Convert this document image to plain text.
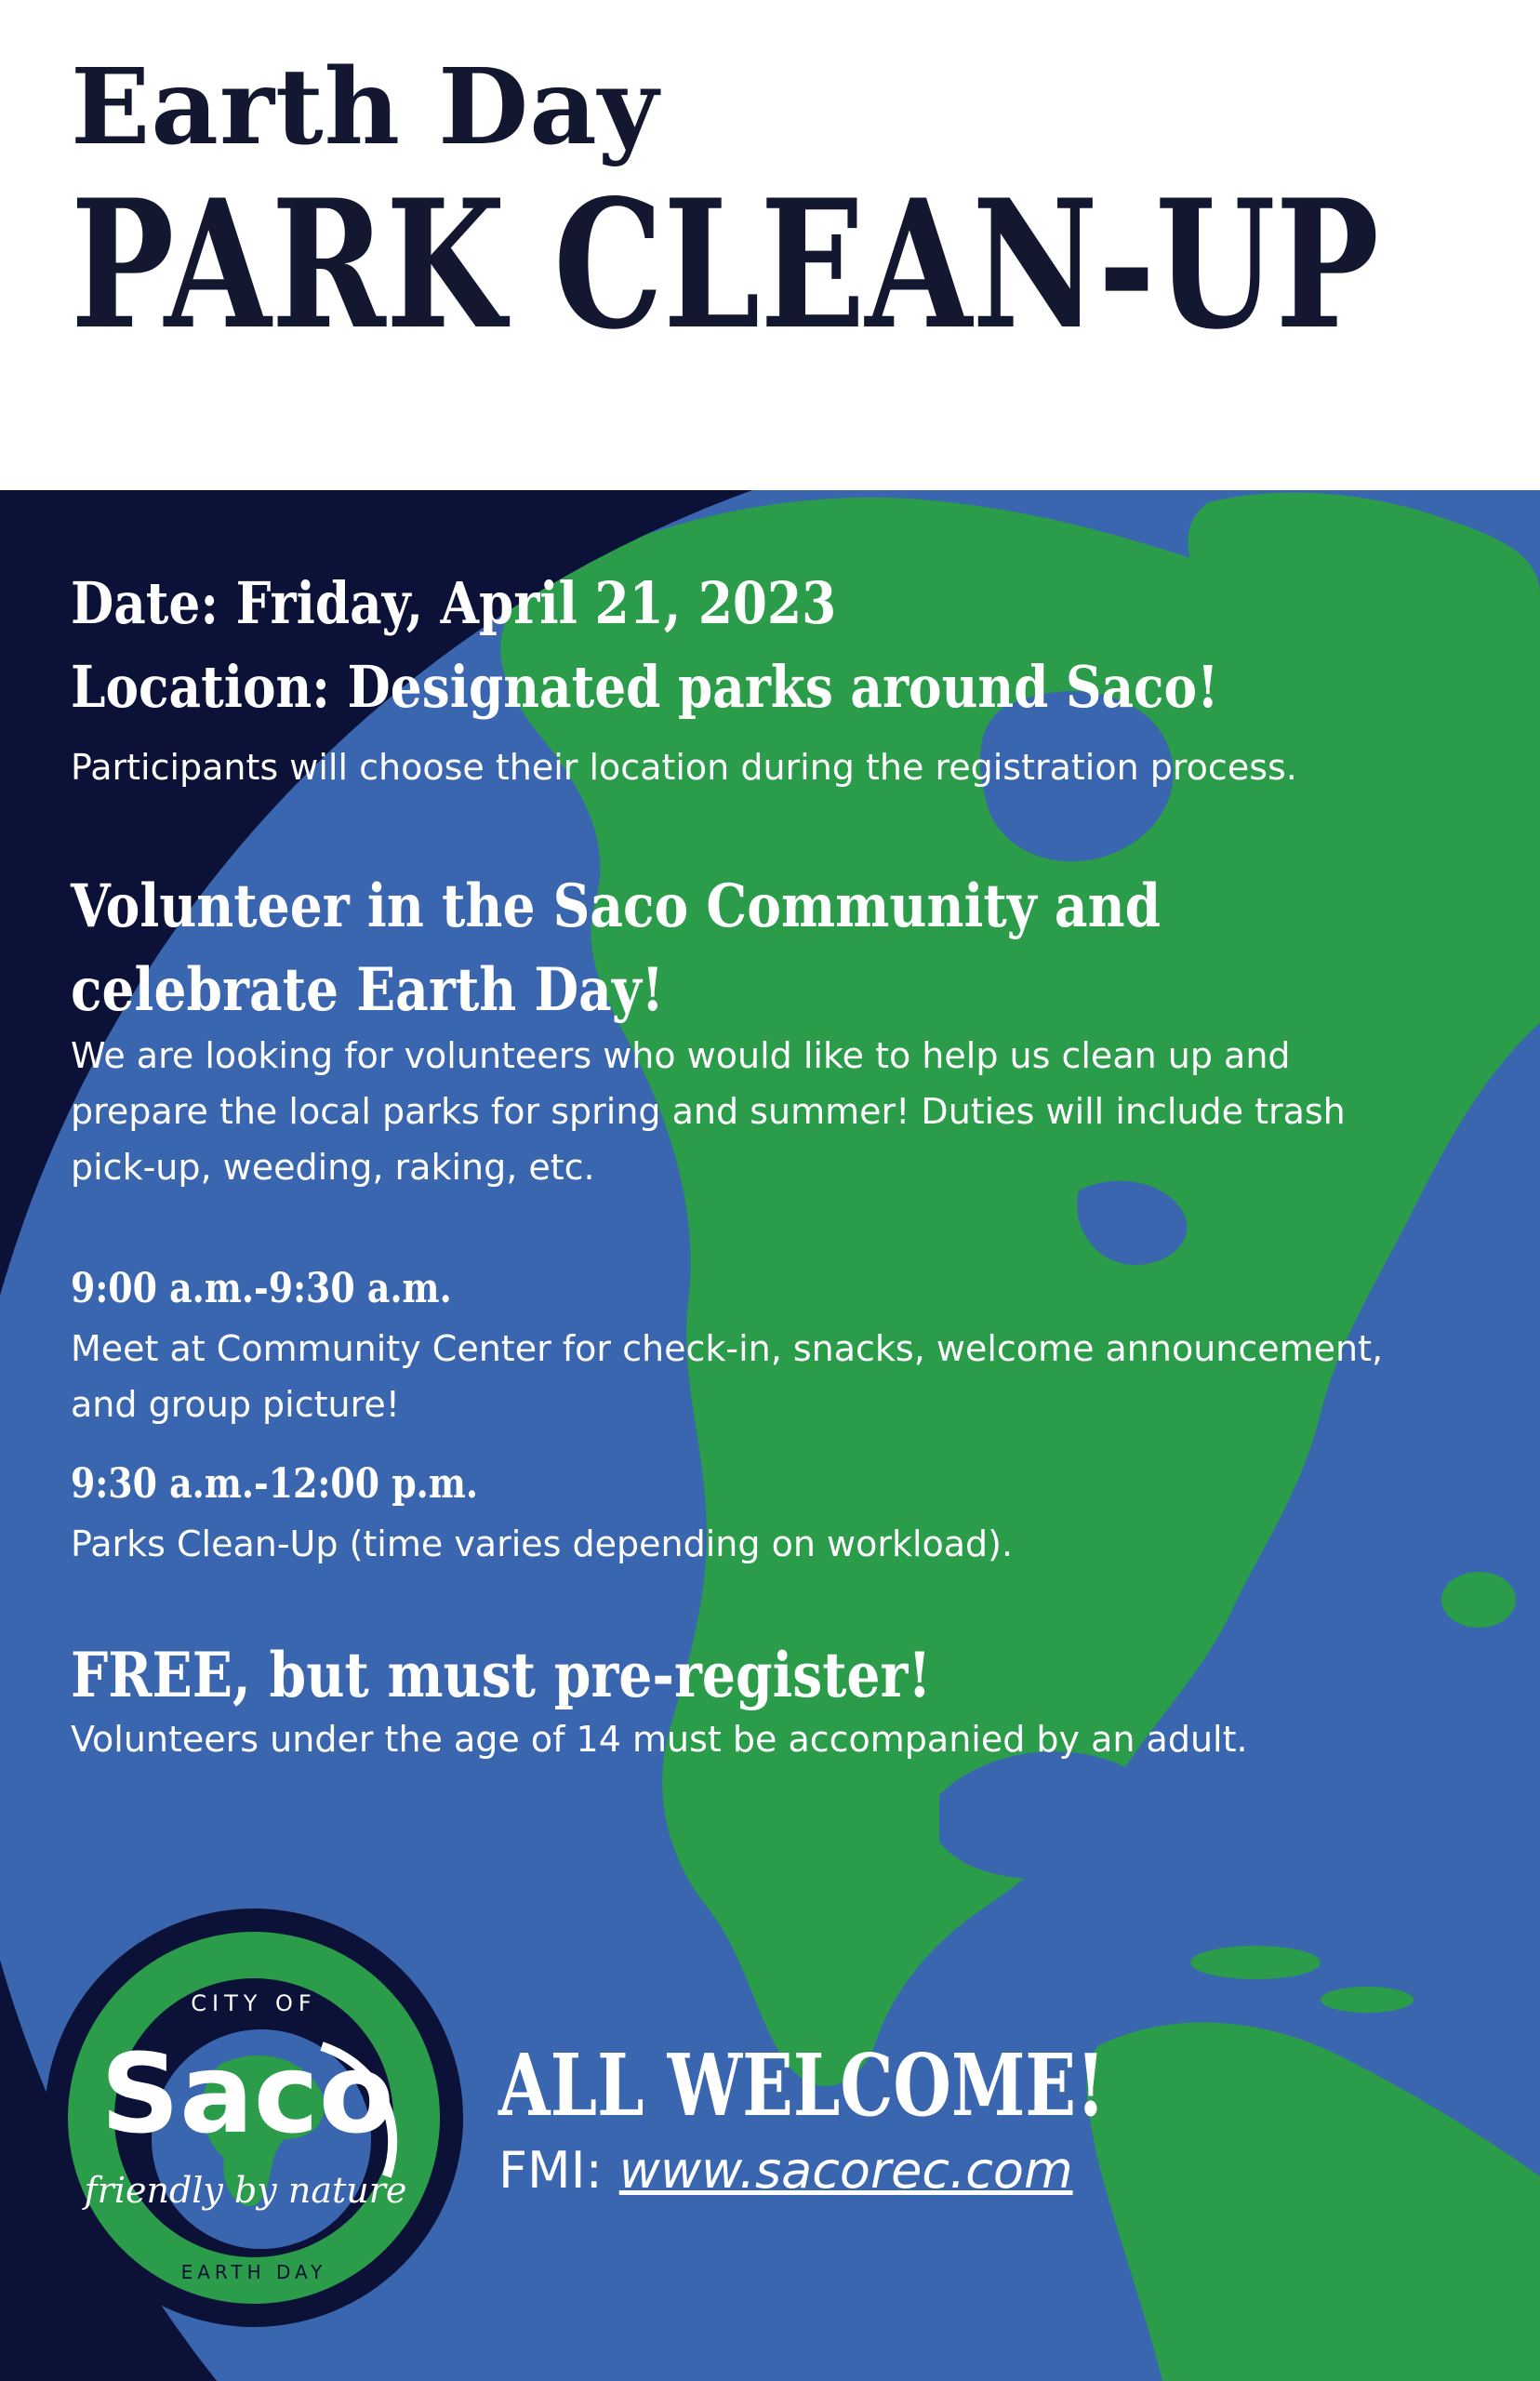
Earth Day
PARK CLEAN-UP
Date: Friday, April 21, 2023
Location: Designated parks around Saco!

Participants will choose their location during the registration process.

Volunteer in the Saco Community and
celebrate Earth Day!
We are looking for volunteers who would like to help us clean up and
prepare the local parks for spring and summer! Duties will include trash
pick-up, weeding, raking, etc.
9:00 a.m.-9:30 a.m.
Meet at Community Center for check-in, snacks, welcome announcement,
and group picture!
9:30 a.m.-12:00 p.m.
Parks Clean-Up (time varies depending on workload).
FREE, but must pre-register!

Volunteers under the age of 14 must be accompanied by an adult.

CITY OF
Saco
friendly by nature
EARTH DAY
ALL WELCOME!

FMI: www.sacorec.com
